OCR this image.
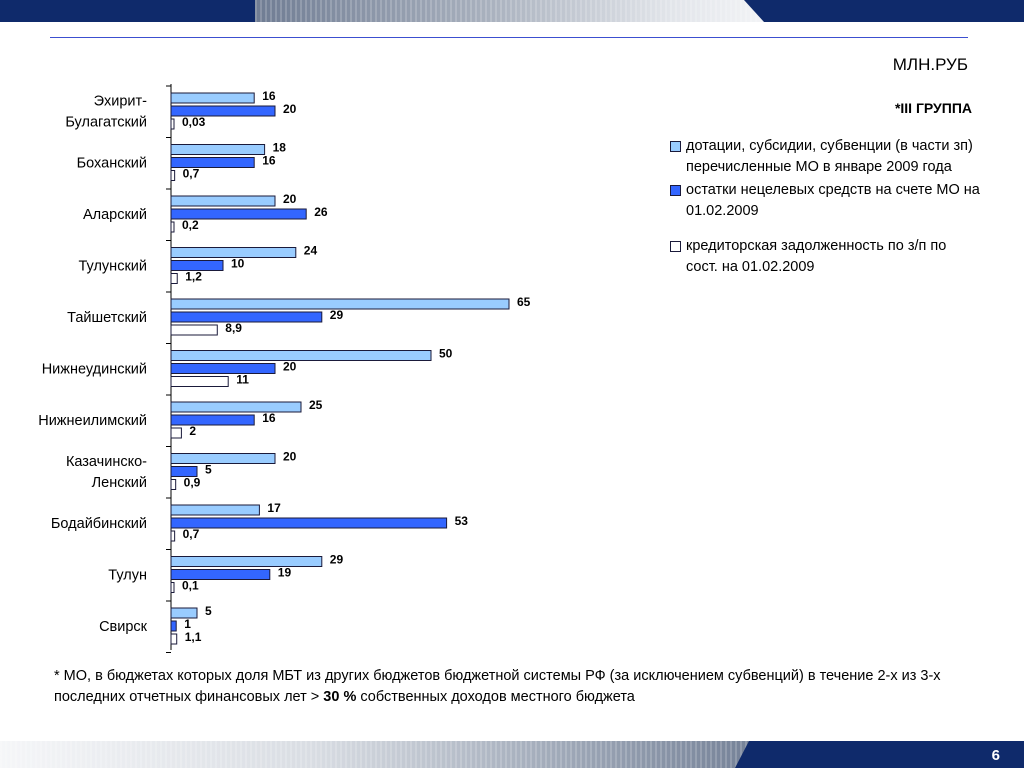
МЛН.РУБ
*III ГРУППА
дотации, субсидии, субвенции (в части зп) перечисленные МО в январе 2009 года
остатки нецелевых средств на счете МО на 01.02.2009
кредиторская задолженность по з/п по сост. на 01.02.2009
Эхирит-Булагатский
16
20
0,03
Боханский
18
16
0,7
Аларский
20
26
0,2
Тулунский
24
10
1,2
Тайшетский
65
29
8,9
Нижнеудинский
50
20
11
Нижнеилимский
25
16
2
Казачинско-Ленский
20
5
0,9
Бодайбинский
17
53
0,7
Тулун
29
19
0,1
Свирск
5
1
1,1
* МО, в бюджетах которых доля МБТ из других бюджетов бюджетной системы РФ (за исключением субвенций) в течение 2-х из 3-х последних отчетных финансовых лет > 30 % собственных доходов местного бюджета
6
